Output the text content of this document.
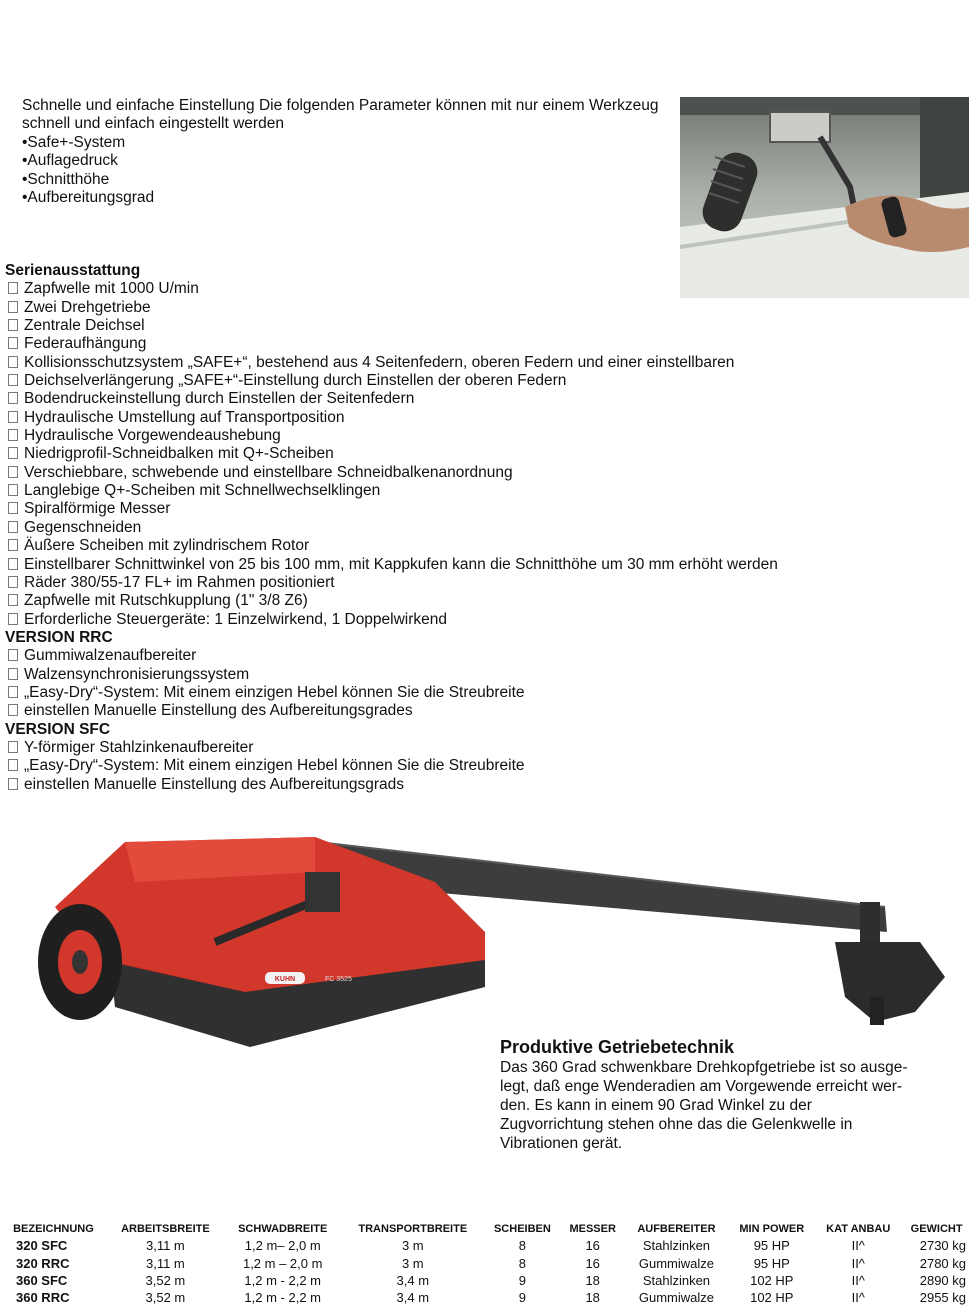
Schnelle und einfache Einstellung Die folgenden Parameter können mit nur einem Werkzeug schnell und einfach eingestellt werden

•Safe+-System
•Auflagedruck
•Schnitthöhe
•Aufbereitungsgrad
Serienausstattung
Zapfwelle mit 1000 U/min
Zwei Drehgetriebe
Zentrale Deichsel
Federaufhängung
Kollisionsschutzsystem „SAFE+“, bestehend aus 4 Seitenfedern, oberen Federn und einer einstellbaren
Deichselverlängerung „SAFE+“-Einstellung durch Einstellen der oberen Federn
Bodendruckeinstellung durch Einstellen der Seitenfedern
Hydraulische Umstellung auf Transportposition
Hydraulische Vorgewendeaushebung
Niedrigprofil-Schneidbalken mit Q+-Scheiben
Verschiebbare, schwebende und einstellbare Schneidbalkenanordnung
Langlebige Q+-Scheiben mit Schnellwechselklingen
Spiralförmige Messer
Gegenschneiden
Äußere Scheiben mit zylindrischem Rotor
Einstellbarer Schnittwinkel von 25 bis 100 mm, mit Kappkufen kann die Schnitthöhe um 30 mm erhöht werden
Räder 380/55-17 FL+ im Rahmen positioniert
Zapfwelle mit Rutschkupplung (1" 3/8 Z6)
Erforderliche Steuergeräte: 1 Einzelwirkend, 1 Doppelwirkend
VERSION RRC
Gummiwalzenaufbereiter
Walzensynchronisierungssystem
„Easy-Dry“-System: Mit einem einzigen Hebel können Sie die Streubreite
einstellen Manuelle Einstellung des Aufbereitungsgrades
VERSION SFC
Y-förmiger Stahlzinkenaufbereiter
„Easy-Dry“-System: Mit einem einzigen Hebel können Sie die Streubreite
einstellen Manuelle Einstellung des Aufbereitungsgrads
KUHN	FC 3525
Produktive Getriebetechnik

Das 360 Grad schwenkbare Drehkopfgetriebe ist so ausge-

legt, daß enge Wenderadien am Vorgewende erreicht wer-

den. Es kann in einem 90 Grad Winkel zu der

Zugvorrichtung stehen ohne das die Gelenkwelle in

Vibrationen gerät.

BEZEICHNUNG	ARBEITSBREITE	SCHWADBREITE	TRANSPORTBREITE	SCHEIBEN	MESSER	AUFBEREITER	MIN POWER	KAT ANBAU	GEWICHT
320 SFC	3,11 m	1,2 m– 2,0 m	3 m	8	16	Stahlzinken	95 HP	II^	2730 kg
320 RRC	3,11 m	1,2 m – 2,0 m	3 m	8	16	Gummiwalze	95 HP	II^	2780 kg
360 SFC	3,52 m	1,2 m - 2,2 m	3,4 m	9	18	Stahlzinken	102 HP	II^	2890 kg
360 RRC	3,52 m	1,2 m - 2,2 m	3,4 m	9	18	Gummiwalze	102 HP	II^	2955 kg
